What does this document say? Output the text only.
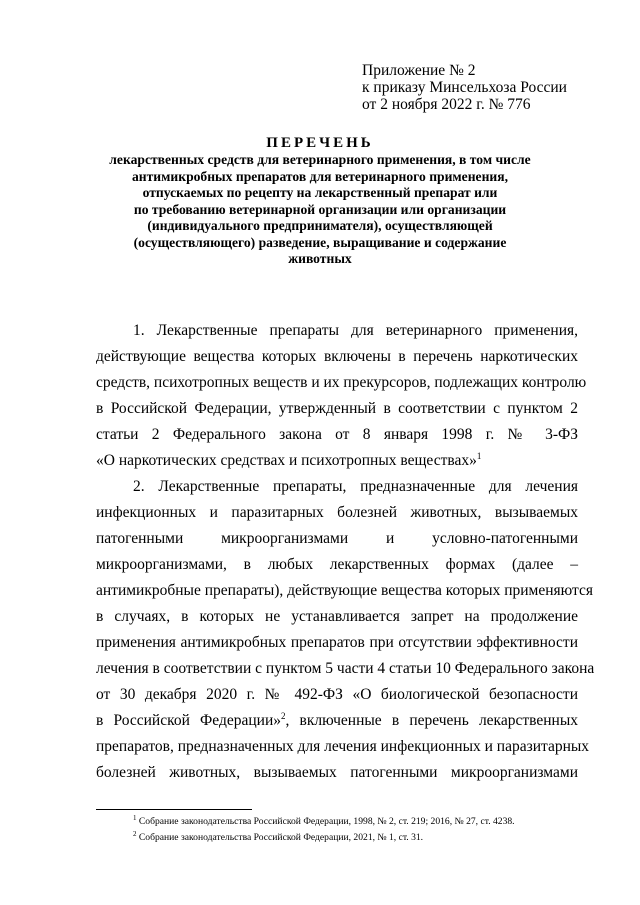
Приложение № 2
к приказу Минсельхоза России
от 2 ноября 2022 г. № 776
ПЕРЕЧЕНЬ
лекарственных средств для ветеринарного применения, в том числе
антимикробных препаратов для ветеринарного применения,
отпускаемых по рецепту на лекарственный препарат или
по требованию ветеринарной организации или организации
(индивидуального предпринимателя), осуществляющей
(осуществляющего) разведение, выращивание и содержание
животных
1. Лекарственные препараты для ветеринарного применения,
действующие вещества которых включены в перечень наркотических
средств, психотропных веществ и их прекурсоров, подлежащих контролю
в Российской Федерации, утвержденный в соответствии с пунктом 2
статьи 2 Федерального закона от 8 января 1998 г. № 3-ФЗ
«О наркотических средствах и психотропных веществах»$^1$
2. Лекарственные препараты, предназначенные для лечения
инфекционных и паразитарных болезней животных, вызываемых
патогенными микроорганизмами и условно-патогенными
микроорганизмами, в любых лекарственных формах (далее –
антимикробные препараты), действующие вещества которых применяются
в случаях, в которых не устанавливается запрет на продолжение
применения антимикробных препаратов при отсутствии эффективности
лечения в соответствии с пунктом 5 части 4 статьи 10 Федерального закона
от 30 декабря 2020 г. № 492-ФЗ «О биологической безопасности
в Российской Федерации»$^2$, включенные в перечень лекарственных
препаратов, предназначенных для лечения инфекционных и паразитарных
болезней животных, вызываемых патогенными микроорганизмами
$^1$ Собрание законодательства Российской Федерации, 1998, № 2, ст. 219; 2016, № 27, ст. 4238.
$^2$ Собрание законодательства Российской Федерации, 2021, № 1, ст. 31.
